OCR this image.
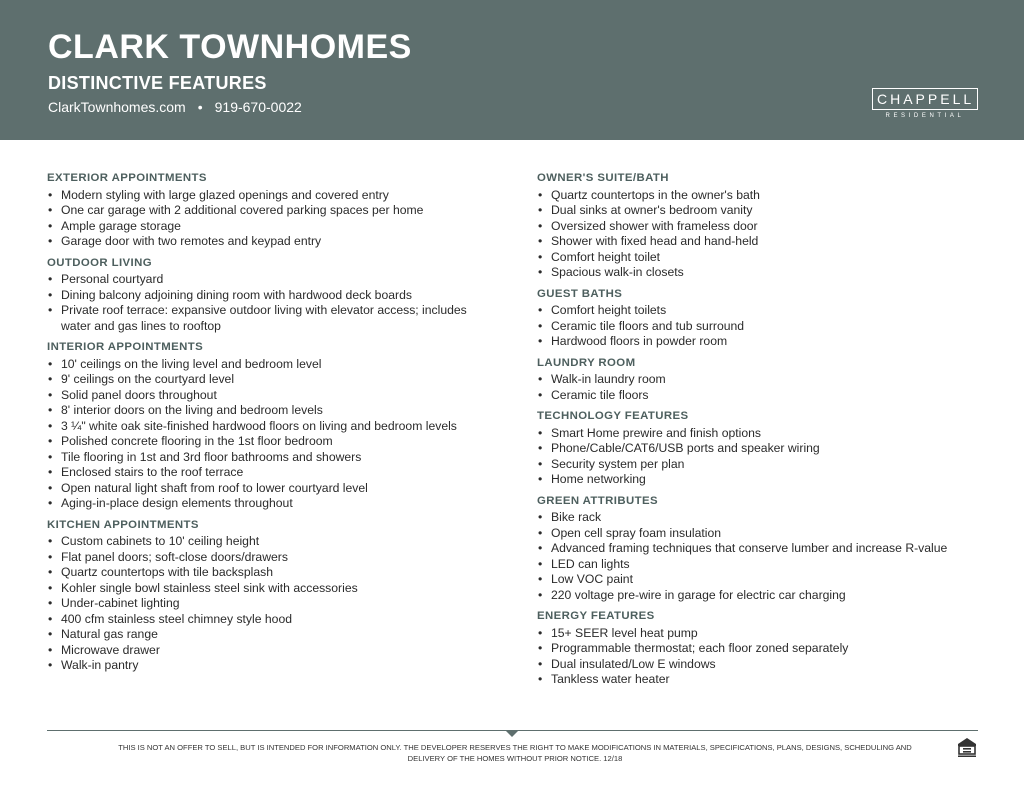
CLARK TOWNHOMES
DISTINCTIVE FEATURES
ClarkTownhomes.com • 919-670-0022	CHAPPELL
RESIDENTIAL
EXTERIOR APPOINTMENTS
• Modern styling with large glazed openings and covered entry
• One car garage with 2 additional covered parking spaces per home
• Ample garage storage
• Garage door with two remotes and keypad entry
OUTDOOR LIVING
• Personal courtyard
• Dining balcony adjoining dining room with hardwood deck boards
• Private roof terrace: expansive outdoor living with elevator access; includes water and gas lines to rooftop
INTERIOR APPOINTMENTS
• 10' ceilings on the living level and bedroom level
• 9' ceilings on the courtyard level
• Solid panel doors throughout
• 8' interior doors on the living and bedroom levels
• 3 ¼" white oak site-finished hardwood floors on living and bedroom levels
• Polished concrete flooring in the 1st floor bedroom
• Tile flooring in 1st and 3rd floor bathrooms and showers
• Enclosed stairs to the roof terrace
• Open natural light shaft from roof to lower courtyard level
• Aging-in-place design elements throughout
KITCHEN APPOINTMENTS
• Custom cabinets to 10' ceiling height
• Flat panel doors; soft-close doors/drawers
• Quartz countertops with tile backsplash
• Kohler single bowl stainless steel sink with accessories
• Under-cabinet lighting
• 400 cfm stainless steel chimney style hood
• Natural gas range
• Microwave drawer
• Walk-in pantry
OWNER'S SUITE/BATH
• Quartz countertops in the owner's bath
• Dual sinks at owner's bedroom vanity
• Oversized shower with frameless door
• Shower with fixed head and hand-held
• Comfort height toilet
• Spacious walk-in closets
GUEST BATHS
• Comfort height toilets
• Ceramic tile floors and tub surround
• Hardwood floors in powder room
LAUNDRY ROOM
• Walk-in laundry room
• Ceramic tile floors
TECHNOLOGY FEATURES
• Smart Home prewire and finish options
• Phone/Cable/CAT6/USB ports and speaker wiring
• Security system per plan
• Home networking
GREEN ATTRIBUTES
• Bike rack
• Open cell spray foam insulation
• Advanced framing techniques that conserve lumber and increase R-value
• LED can lights
• Low VOC paint
• 220 voltage pre-wire in garage for electric car charging
ENERGY FEATURES
• 15+ SEER level heat pump
• Programmable thermostat; each floor zoned separately
• Dual insulated/Low E windows
• Tankless water heater
THIS IS NOT AN OFFER TO SELL, BUT IS INTENDED FOR INFORMATION ONLY. THE DEVELOPER RESERVES THE RIGHT TO MAKE MODIFICATIONS IN MATERIALS, SPECIFICATIONS, PLANS, DESIGNS, SCHEDULING AND DELIVERY OF THE HOMES WITHOUT PRIOR NOTICE. 12/18
